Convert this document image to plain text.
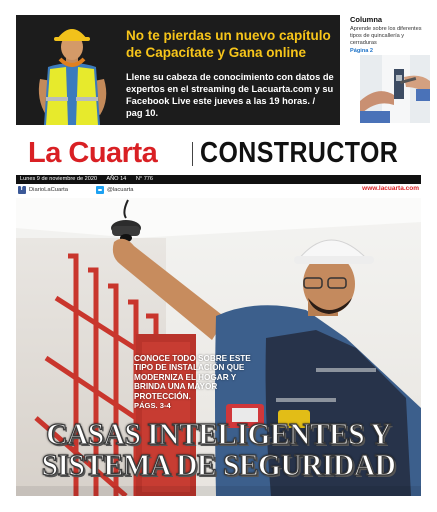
No te pierdas un nuevo capítulo de Capacítate y Gana online
Llene su cabeza de conocimiento con datos de expertos en el streaming de Lacuarta.com y su Facebook Live este jueves a las 19 horas. / pag 10.
Columna
Aprende sobre los diferentes tipos de quincallería y cerraduras
Página 2
La Cuarta CONSTRUCTOR
Lunes 9 de noviembre de 2020 AÑO 14 N° 776
f
DiarioLaCuarta	@lacuarta	www.lacuarta.com
CONOCE TODO SOBRE ESTE TIPO DE INSTALACIÓN QUE MODERNIZA EL HOGAR Y BRINDA UNA MAYOR PROTECCIÓN.
PÁGS. 3-4
CASAS INTELIGENTES Y
SISTEMA DE SEGURIDAD
